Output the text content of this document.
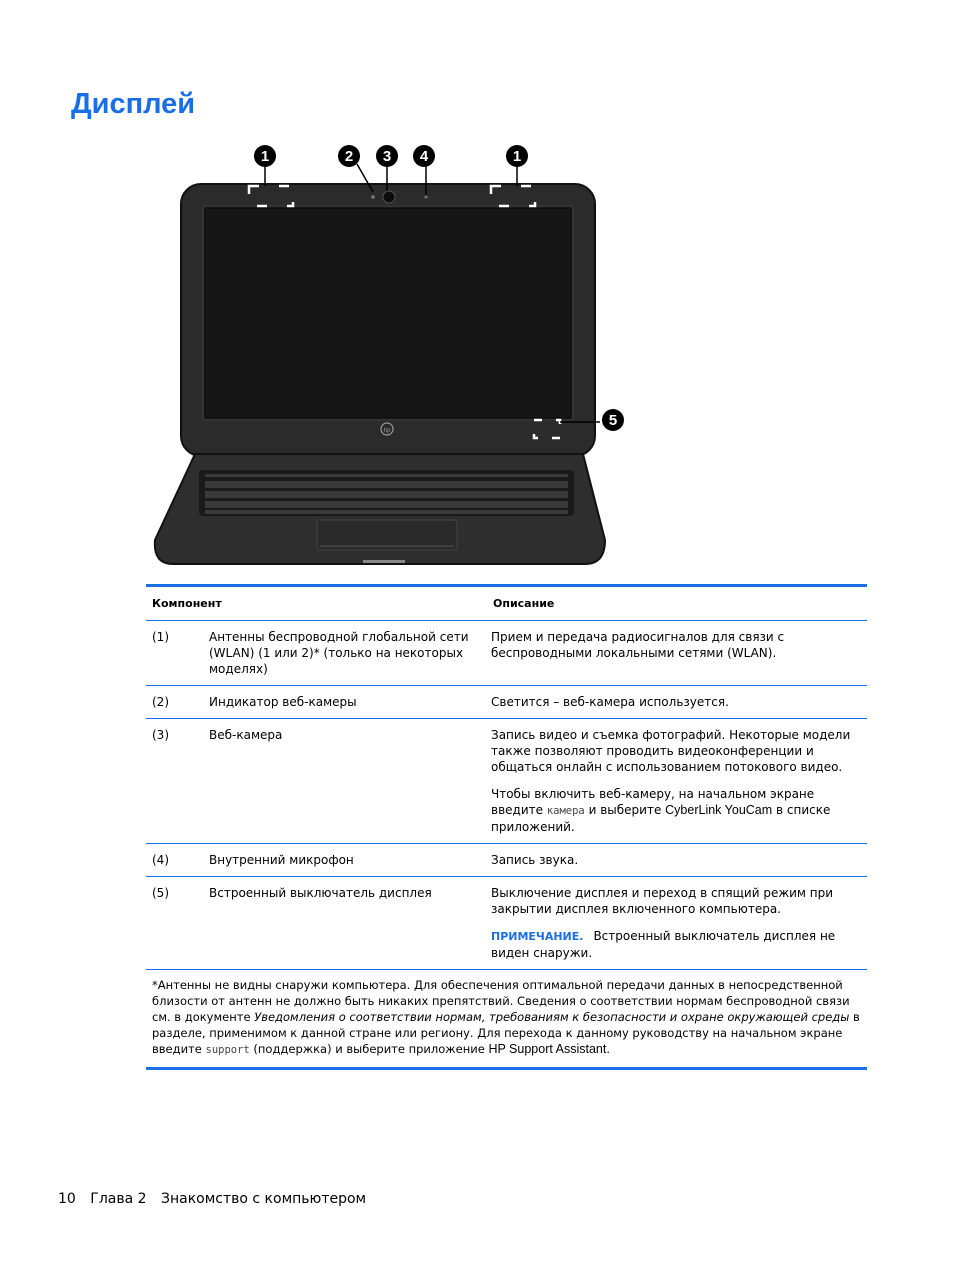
Дисплей
hp
1	2 3 4	1
5
Компонент		Описание
(1)	Антенны беспроводной глобальной сети (WLAN) (1 или 2)* (только на некоторых моделях)	Прием и передача радиосигналов для связи с беспроводными локальными сетями (WLAN).
(2)	Индикатор веб-камеры	Светится – веб-камера используется.
(3)	Веб-камера	Запись видео и съемка фотографий. Некоторые модели также позволяют проводить видеоконференции и общаться онлайн с использованием потокового видео.

Чтобы включить веб-камеру, на начальном экране введите камера и выберите CyberLink YouCam в списке приложений.

(4)	Внутренний микрофон	Запись звука.
(5)	Встроенный выключатель дисплея	Выключение дисплея и переход в спящий режим при закрытии дисплея включенного компьютера.

ПРИМЕЧАНИЕ. Встроенный выключатель дисплея не виден снаружи.

*Антенны не видны снаружи компьютера. Для обеспечения оптимальной передачи данных в непосредственной близости от антенн не должно быть никаких препятствий. Сведения о соответствии нормам беспроводной связи см. в документе Уведомления о соответствии нормам, требованиям к безопасности и охране окружающей среды в разделе, применимом к данной стране или региону. Для перехода к данному руководству на начальном экране введите support (поддержка) и выберите приложение HP Support Assistant.		
10 Глава 2 Знакомство с компьютером
